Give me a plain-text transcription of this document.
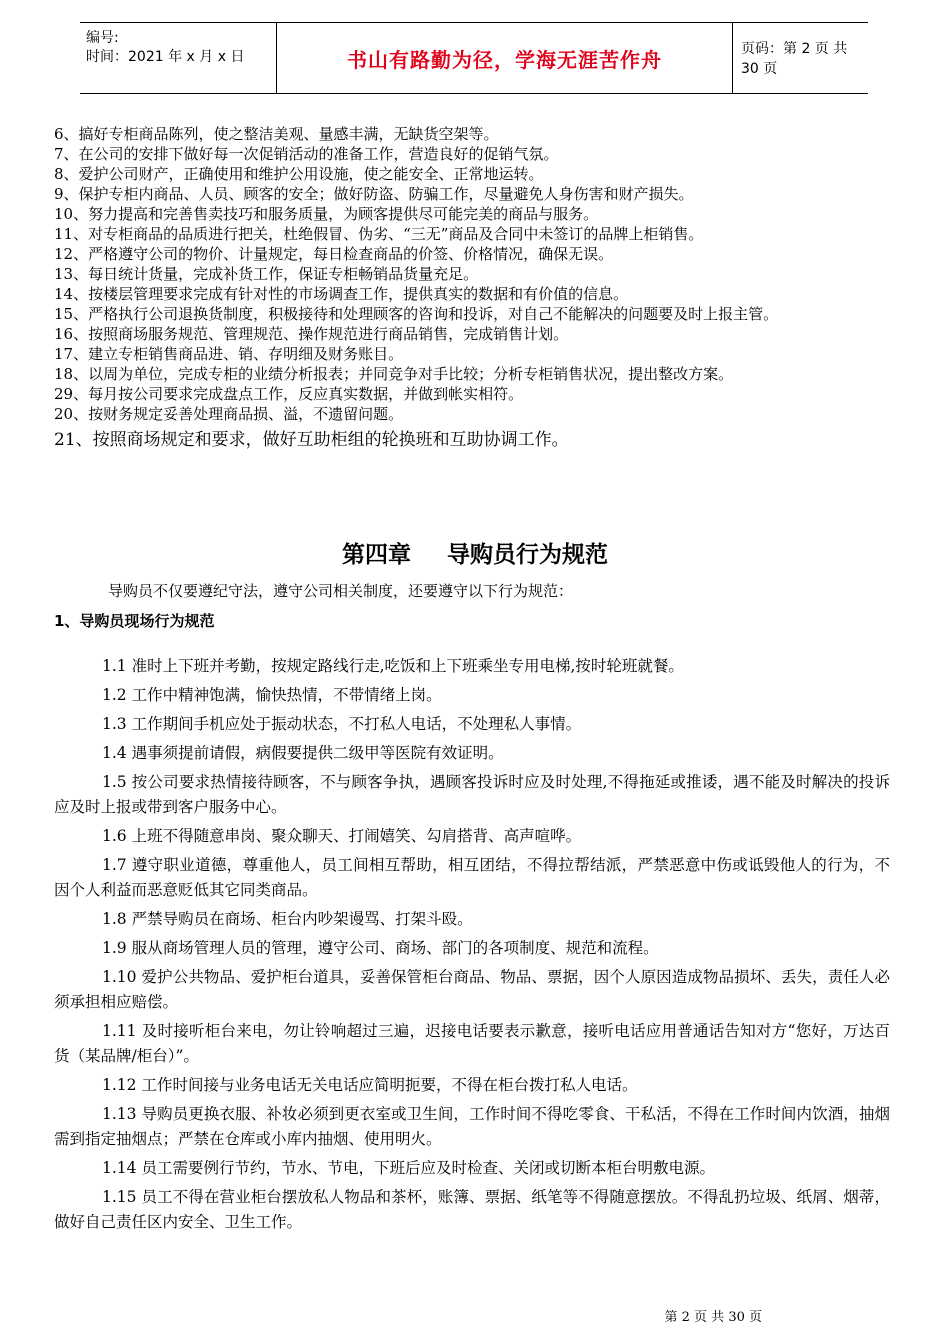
编号:
时间：2021 年 x 月 x 日	书山有路勤为径，学海无涯苦作舟	页码：第 2 页 共 30 页
6、 搞好专柜商品陈列，使之整洁美观、量感丰满，无缺货空架等。
7、 在公司的安排下做好每一次促销活动的准备工作，营造良好的促销气氛。
8、 爱护公司财产，正确使用和维护公用设施，使之能安全、正常地运转。
9、 保护专柜内商品、人员、顾客的安全；做好防盗、防骗工作，尽量避免人身伤害和财产损失。
10、 努力提高和完善售卖技巧和服务质量，为顾客提供尽可能完美的商品与服务。
11、 对专柜商品的品质进行把关，杜绝假冒、伪劣、“三无”商品及合同中未签订的品牌上柜销售。
12、 严格遵守公司的物价、计量规定，每日检查商品的价签、价格情况，确保无误。
13、 每日统计货量，完成补货工作，保证专柜畅销品货量充足。
14、 按楼层管理要求完成有针对性的市场调查工作，提供真实的数据和有价值的信息。
15、 严格执行公司退换货制度，积极接待和处理顾客的咨询和投诉，对自己不能解决的问题要及时上报主管。
16、 按照商场服务规范、管理规范、操作规范进行商品销售，完成销售计划。
17、 建立专柜销售商品进、销、存明细及财务账目。
18、 以周为单位，完成专柜的业绩分析报表；并同竞争对手比较；分析专柜销售状况，提出整改方案。
29、 每月按公司要求完成盘点工作，反应真实数据，并做到帐实相符。
20、 按财务规定妥善处理商品损、溢，不遗留问题。
21、 按照商场规定和要求，做好互助柜组的轮换班和互助协调工作。
第四章 导购员行为规范
导购员不仅要遵纪守法，遵守公司相关制度，还要遵守以下行为规范：
1、导购员现场行为规范
1.1 准时上下班并考勤，按规定路线行走,吃饭和上下班乘坐专用电梯,按时轮班就餐。
1.2 工作中精神饱满，愉快热情，不带情绪上岗。
1.3 工作期间手机应处于振动状态，不打私人电话，不处理私人事情。
1.4 遇事须提前请假，病假要提供二级甲等医院有效证明。
1.5 按公司要求热情接待顾客，不与顾客争执，遇顾客投诉时应及时处理,不得拖延或推诿，遇不能及时解决的投诉应及时上报或带到客户服务中心。
1.6 上班不得随意串岗、聚众聊天、打闹嬉笑、勾肩搭背、高声喧哗。
1.7 遵守职业道德，尊重他人，员工间相互帮助，相互团结，不得拉帮结派，严禁恶意中伤或诋毁他人的行为，不因个人利益而恶意贬低其它同类商品。
1.8 严禁导购员在商场、柜台内吵架谩骂、打架斗殴。
1.9 服从商场管理人员的管理，遵守公司、商场、部门的各项制度、规范和流程。
1.10 爱护公共物品、爱护柜台道具，妥善保管柜台商品、物品、票据，因个人原因造成物品损坏、丢失，责任人必须承担相应赔偿。
1.11 及时接听柜台来电，勿让铃响超过三遍，迟接电话要表示歉意，接听电话应用普通话告知对方“您好，万达百货（某品牌/柜台）”。
1.12 工作时间接与业务电话无关电话应简明扼要，不得在柜台拨打私人电话。
1.13 导购员更换衣服、补妆必须到更衣室或卫生间，工作时间不得吃零食、干私活，不得在工作时间内饮酒，抽烟需到指定抽烟点；严禁在仓库或小库内抽烟、使用明火。
1.14 员工需要例行节约，节水、节电，下班后应及时检查、关闭或切断本柜台明敷电源。
1.15 员工不得在营业柜台摆放私人物品和茶杯，账簿、票据、纸笔等不得随意摆放。不得乱扔垃圾、纸屑、烟蒂，做好自己责任区内安全、卫生工作。
第 2 页 共 30 页
